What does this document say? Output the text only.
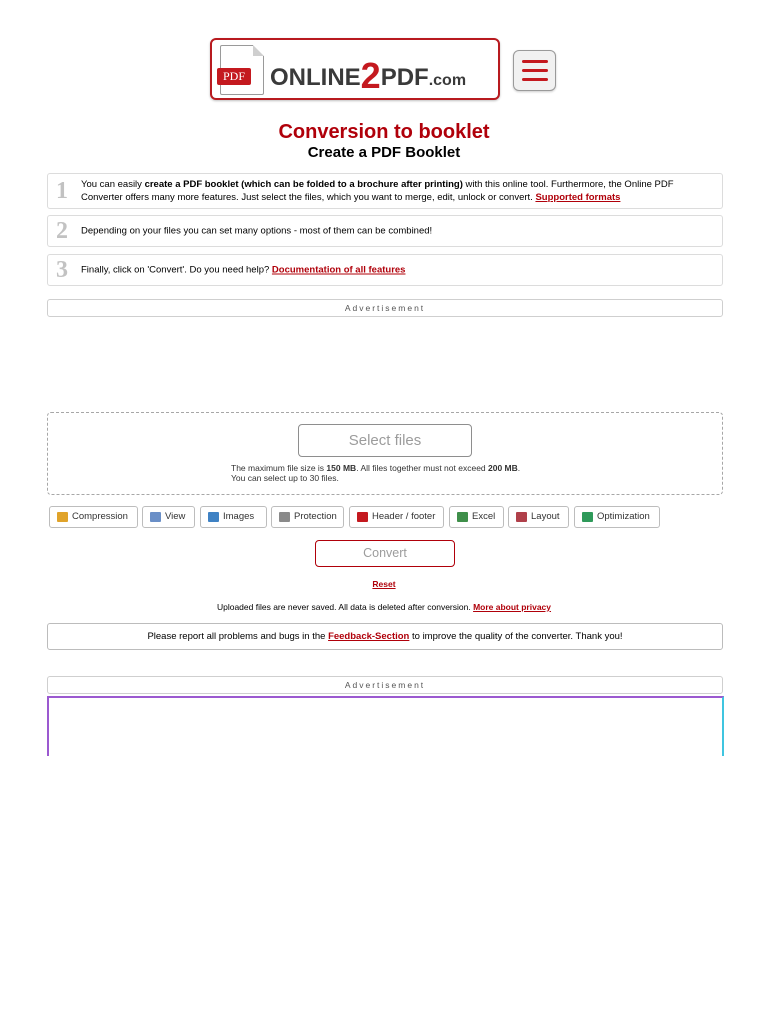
PDF ONLINE2PDF.com
Conversion to booklet
Create a PDF Booklet
1 You can easily create a PDF booklet (which can be folded to a brochure after printing) with this online tool. Furthermore, the Online PDF Converter offers many more features. Just select the files, which you want to merge, edit, unlock or convert. Supported formats
2 Depending on your files you can set many options - most of them can be combined!
3 Finally, click on 'Convert'. Do you need help? Documentation of all features
Advertisement
Select files
The maximum file size is 150 MB. All files together must not exceed 200 MB.
You can select up to 30 files.
Compression	View	Images	Protection	Header / footer	Excel	Layout	Optimization
Convert
Reset
Uploaded files are never saved. All data is deleted after conversion. More about privacy
Please report all problems and bugs in the Feedback-Section to improve the quality of the converter. Thank you!
Advertisement
